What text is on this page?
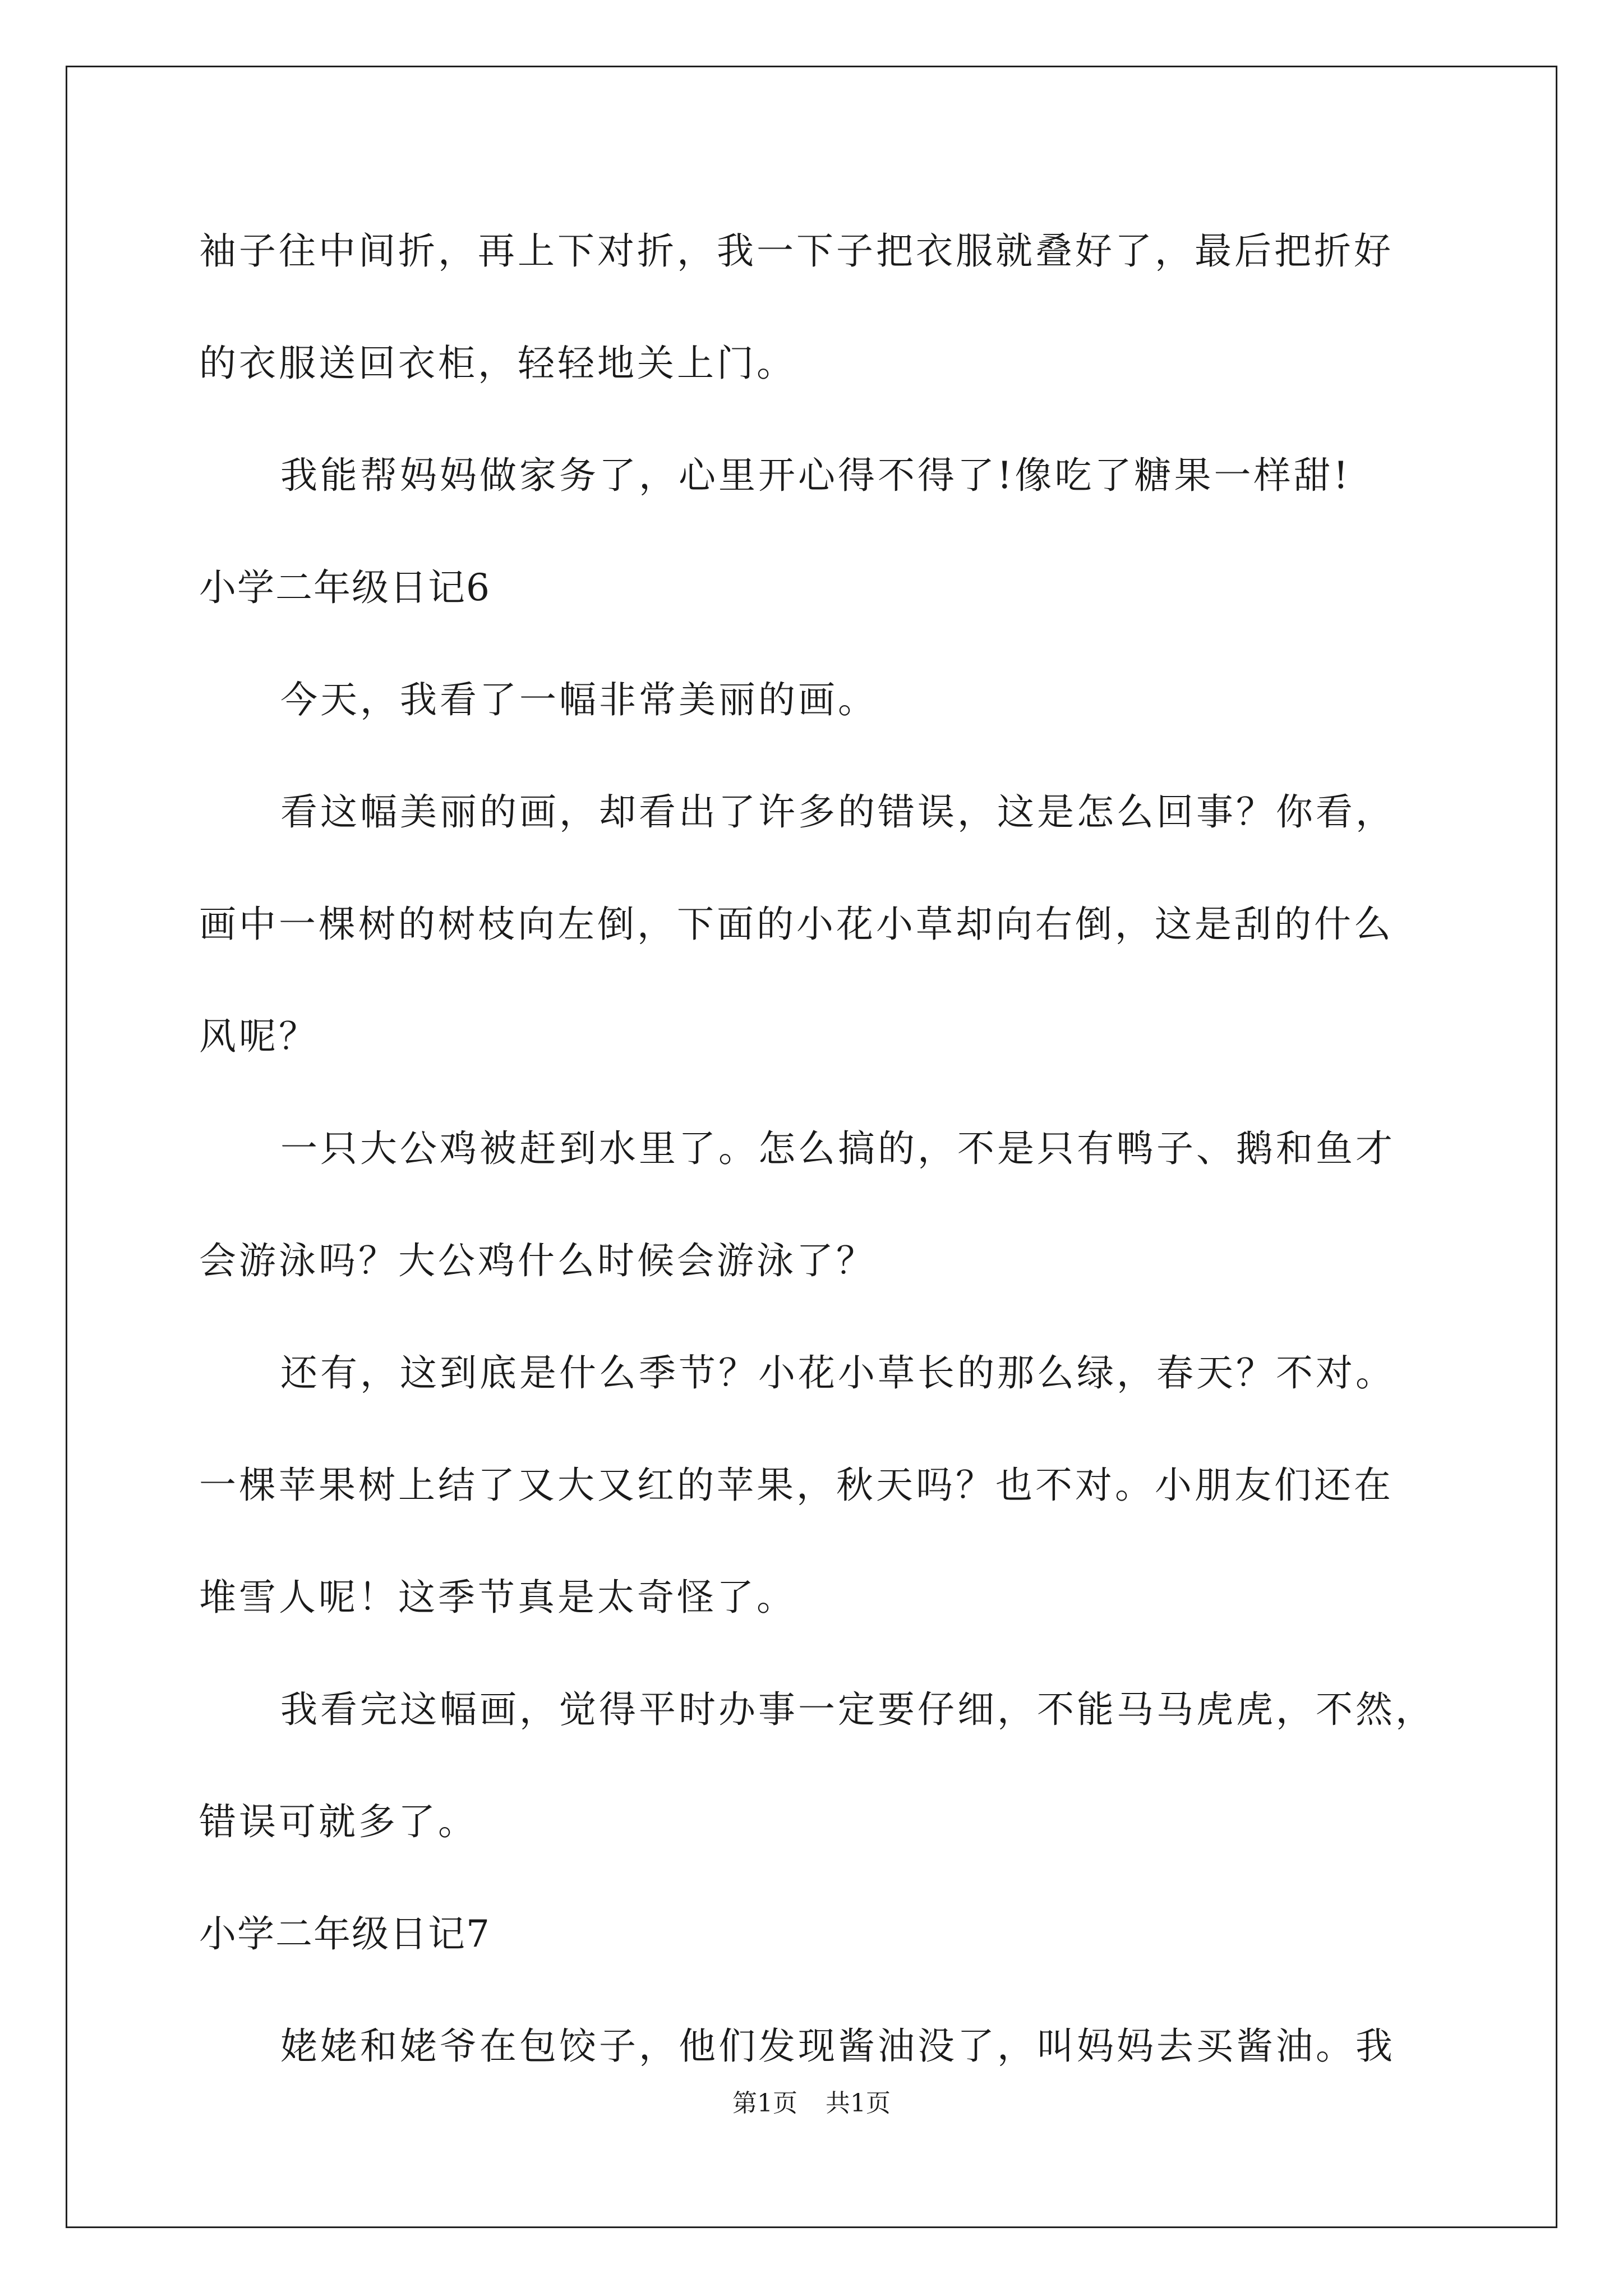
袖子往中间折，再上下对折，我一下子把衣服就叠好了，最后把折好
的衣服送回衣柜，轻轻地关上门。
我能帮妈妈做家务了，心里开心得不得了!像吃了糖果一样甜!
小学二年级日记6
今天，我看了一幅非常美丽的画。
看这幅美丽的画，却看出了许多的错误，这是怎么回事？你看，
画中一棵树的树枝向左倒，下面的小花小草却向右倒，这是刮的什么
风呢？
一只大公鸡被赶到水里了。怎么搞的，不是只有鸭子、鹅和鱼才
会游泳吗？大公鸡什么时候会游泳了？
还有，这到底是什么季节？小花小草长的那么绿，春天？不对。
一棵苹果树上结了又大又红的苹果，秋天吗？也不对。小朋友们还在
堆雪人呢！这季节真是太奇怪了。
我看完这幅画，觉得平时办事一定要仔细，不能马马虎虎，不然，
错误可就多了。
小学二年级日记7
姥姥和姥爷在包饺子，他们发现酱油没了，叫妈妈去买酱油。我
第1页 共1页
